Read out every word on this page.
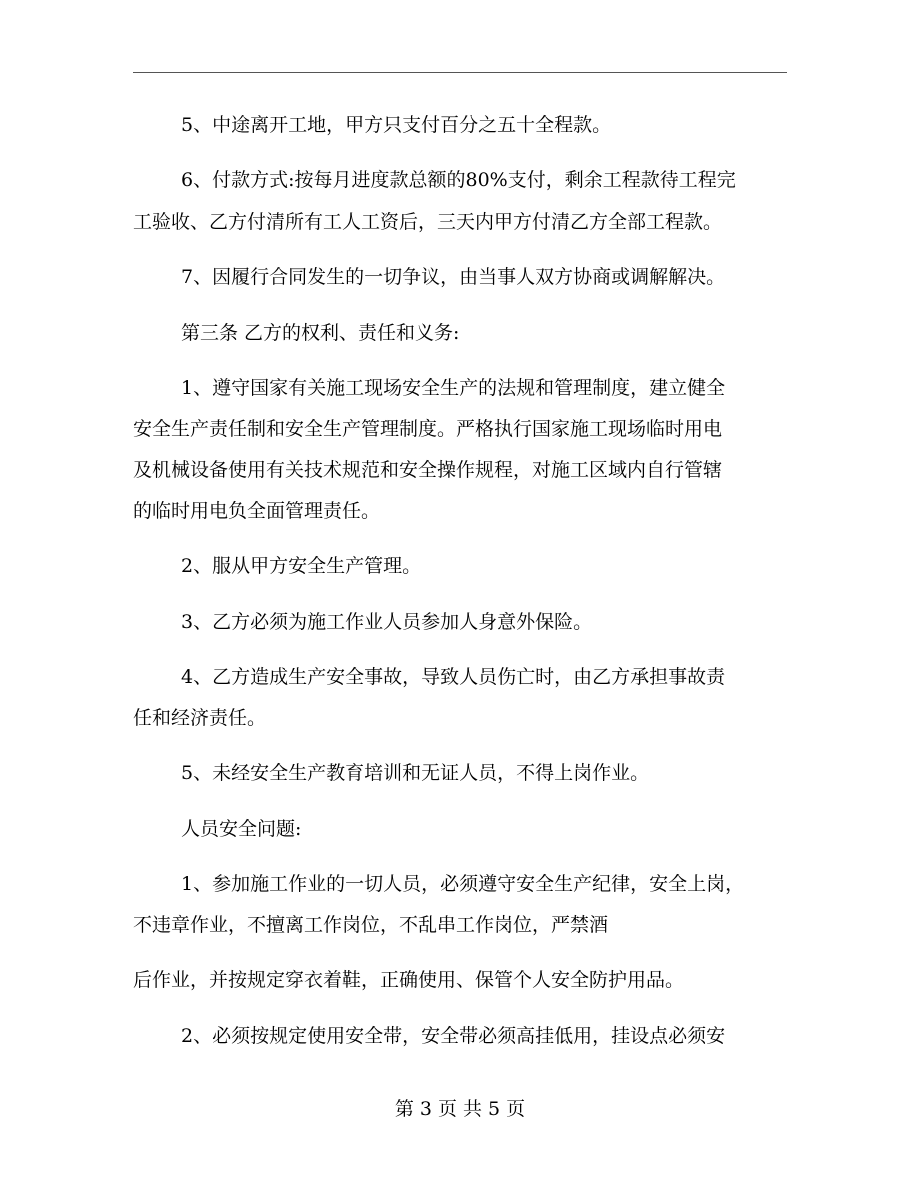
5、中途离开工地，甲方只支付百分之五十全程款。
6、付款方式:按每月进度款总额的80%支付，剩余工程款待工程完
工验收、乙方付清所有工人工资后，三天内甲方付清乙方全部工程款。
7、因履行合同发生的一切争议，由当事人双方协商或调解解决。
第三条 乙方的权利、责任和义务:
1、遵守国家有关施工现场安全生产的法规和管理制度，建立健全
安全生产责任制和安全生产管理制度。严格执行国家施工现场临时用电
及机械设备使用有关技术规范和安全操作规程，对施工区域内自行管辖
的临时用电负全面管理责任。
2、服从甲方安全生产管理。
3、乙方必须为施工作业人员参加人身意外保险。
4、乙方造成生产安全事故，导致人员伤亡时，由乙方承担事故责
任和经济责任。
5、未经安全生产教育培训和无证人员，不得上岗作业。
人员安全问题:
1、参加施工作业的一切人员，必须遵守安全生产纪律，安全上岗，
不违章作业，不擅离工作岗位，不乱串工作岗位，严禁酒
后作业，并按规定穿衣着鞋，正确使用、保管个人安全防护用品。
2、必须按规定使用安全带，安全带必须高挂低用，挂设点必须安
第 3 页 共 5 页
